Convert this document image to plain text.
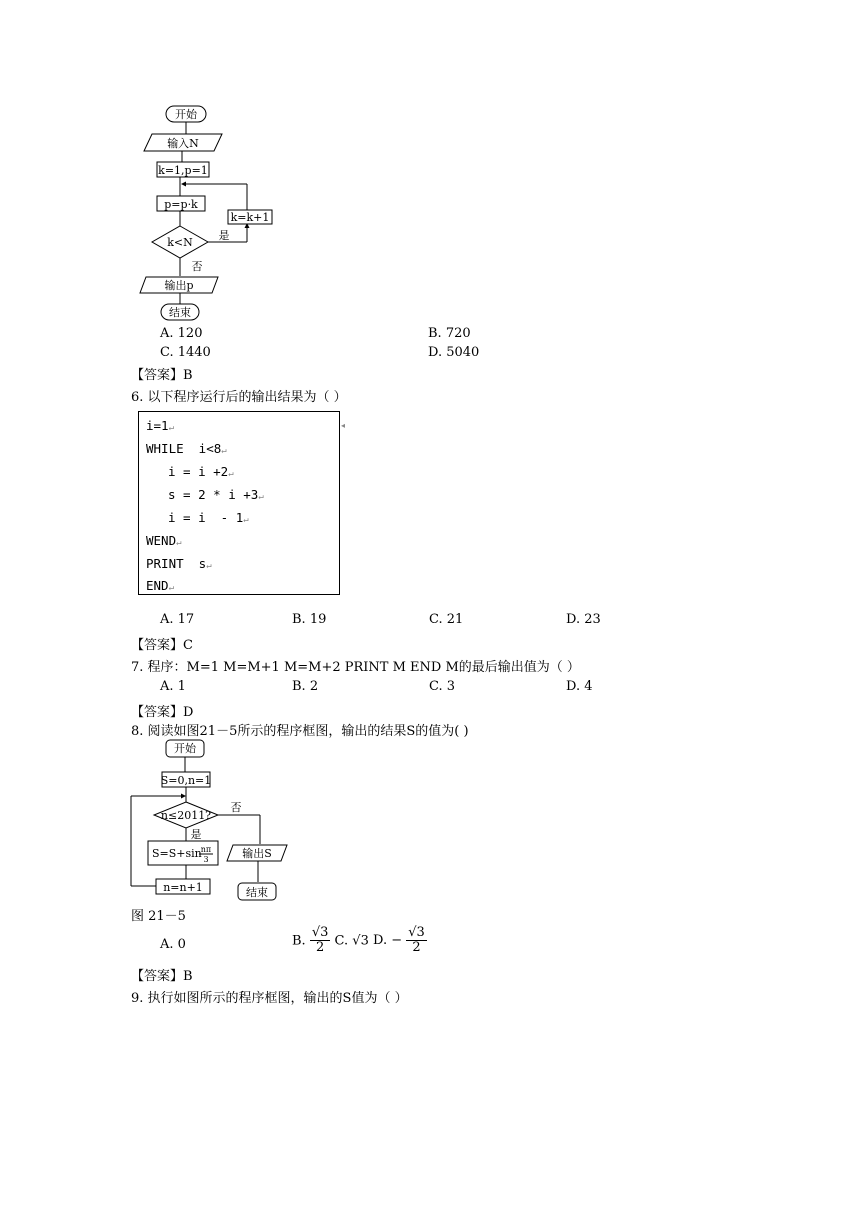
开始
输入N
k=1,p=1
p=p·k
k<N
是
k=k+1
否
输出p
结束
A. 120	B. 720
C. 1440	D. 5040
【答案】B
6. 以下程序运行后的输出结果为（ ）
i=1↵
WHILE  i<8↵
i = i +2↵
s = 2 * i +3↵
i = i  - 1↵
WEND↵
PRINT  s↵
END↵
◂
A. 17	B. 19	C. 21	D. 23
【答案】C
7. 程序：M=1 M=M+1 M=M+2 PRINT M END M的最后输出值为（ ）
A. 1	B. 2	C. 3	D. 4
【答案】D
8. 阅读如图21－5所示的程序框图，输出的结果S的值为( )
开始
S=0,n=1
n≤2011?
否
输出S
结束
是
S=S+sin nπ
3
n=n+1
图 21－5
A. 0	B. $\frac{√3}{2} C$. √3 D. − $\frac{√3}{2}$
【答案】B
9. 执行如图所示的程序框图，输出的S值为（ ）
